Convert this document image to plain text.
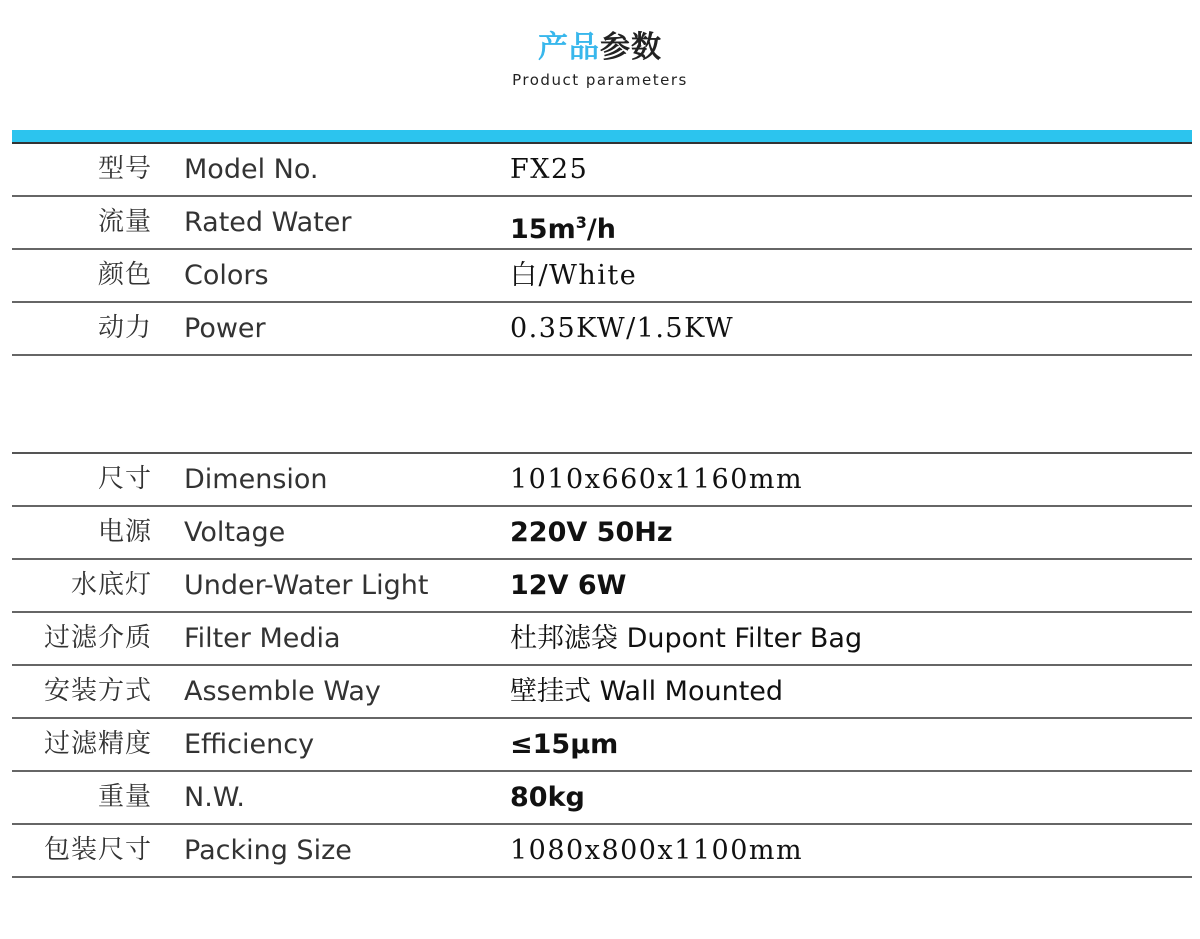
产品参数
Product parameters
型号 Model No.	FX25
流量 Rated Water	$15m^3/h$
颜色 Colors	白/White
动力 Power	0.35KW/1.5KW
尺寸 Dimension	1010x660x1160mm
电源 Voltage	220V 50Hz
水底灯 Under-Water Light	12V 6W
过滤介质 Filter Media	杜邦滤袋 Dupont Filter Bag
安装方式 Assemble Way	壁挂式 Wall Mounted
过滤精度 Efficiency	≤15μm
重量 N.W.	80kg
包装尺寸 Packing Size	1080x800x1100mm
